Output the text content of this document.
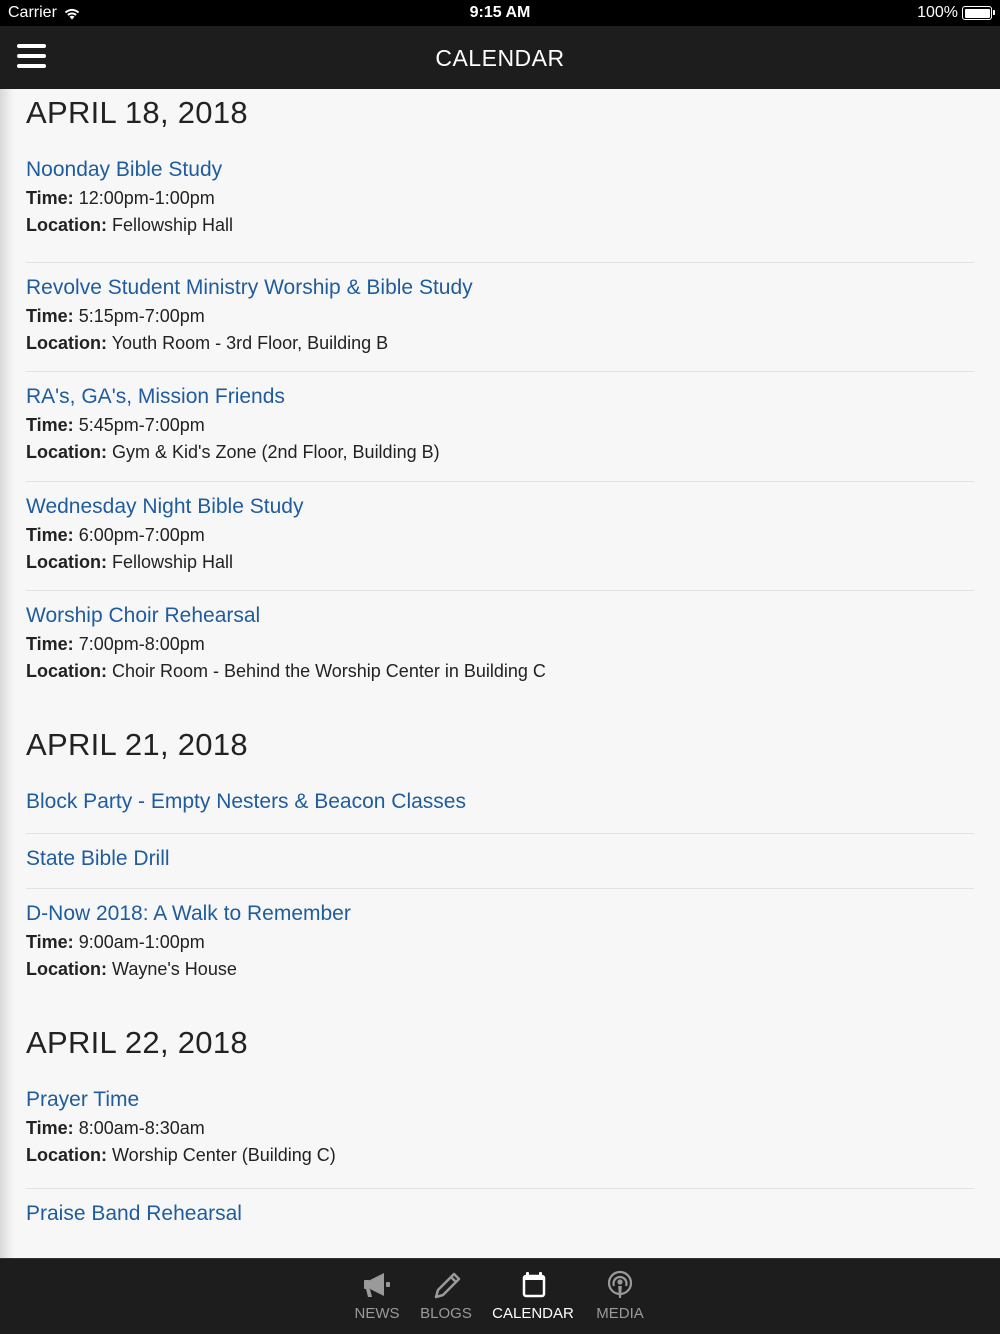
Carrier	9:15 AM	100%
CALENDAR
APRIL 18, 2018
Noonday Bible Study
Time: 12:00pm-1:00pm
Location: Fellowship Hall
Revolve Student Ministry Worship & Bible Study
Time: 5:15pm-7:00pm
Location: Youth Room - 3rd Floor, Building B
RA's, GA's, Mission Friends
Time: 5:45pm-7:00pm
Location: Gym & Kid's Zone (2nd Floor, Building B)
Wednesday Night Bible Study
Time: 6:00pm-7:00pm
Location: Fellowship Hall
Worship Choir Rehearsal
Time: 7:00pm-8:00pm
Location: Choir Room - Behind the Worship Center in Building C
APRIL 21, 2018
Block Party - Empty Nesters & Beacon Classes
State Bible Drill
D-Now 2018: A Walk to Remember
Time: 9:00am-1:00pm
Location: Wayne's House
APRIL 22, 2018
Prayer Time
Time: 8:00am-8:30am
Location: Worship Center (Building C)
Praise Band Rehearsal
NEWS	BLOGS	CALENDAR	MEDIA
